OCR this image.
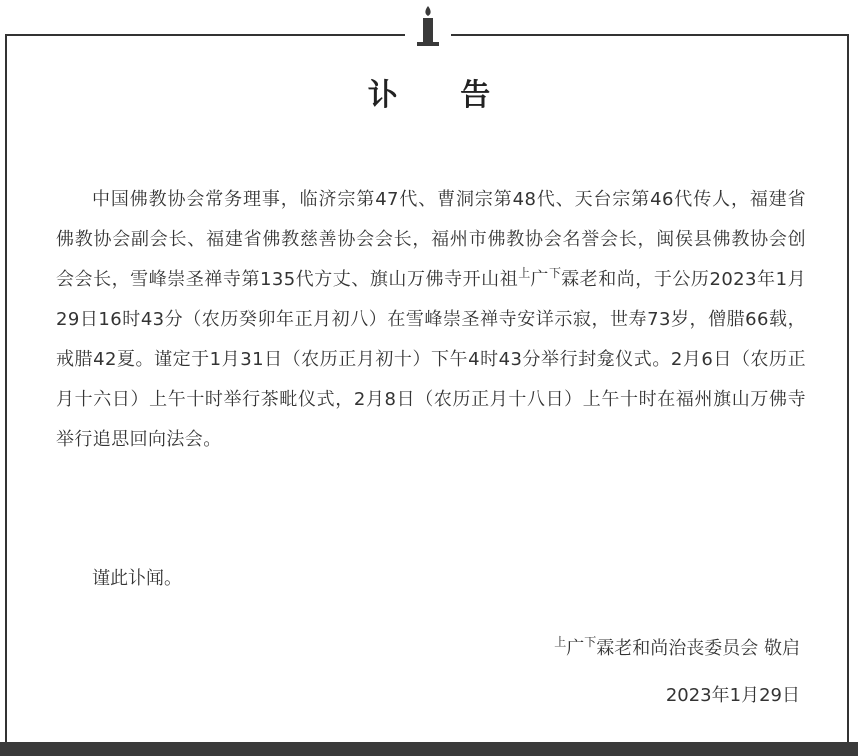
讣 告
中国佛教协会常务理事，临济宗第47代、曹洞宗第48代、天台宗第46代传人，福建省佛教协会副会长、福建省佛教慈善协会会长，福州市佛教协会名誉会长，闽侯县佛教协会创会会长，雪峰崇圣禅寺第135代方丈、旗山万佛寺开山祖$^上$广$^下$霖老和尚，于公历2023年1月29日16时43分（农历癸卯年正月初八）在雪峰崇圣禅寺安详示寂，世寿73岁，僧腊66载，戒腊42夏。谨定于1月31日（农历正月初十）下午4时43分举行封龛仪式。2月6日（农历正月十六日）上午十时举行茶毗仪式，2月8日（农历正月十八日）上午十时在福州旗山万佛寺举行追思回向法会。
谨此讣闻。
$^上$广$^下$霖老和尚治丧委员会 敬启
2023年1月29日
